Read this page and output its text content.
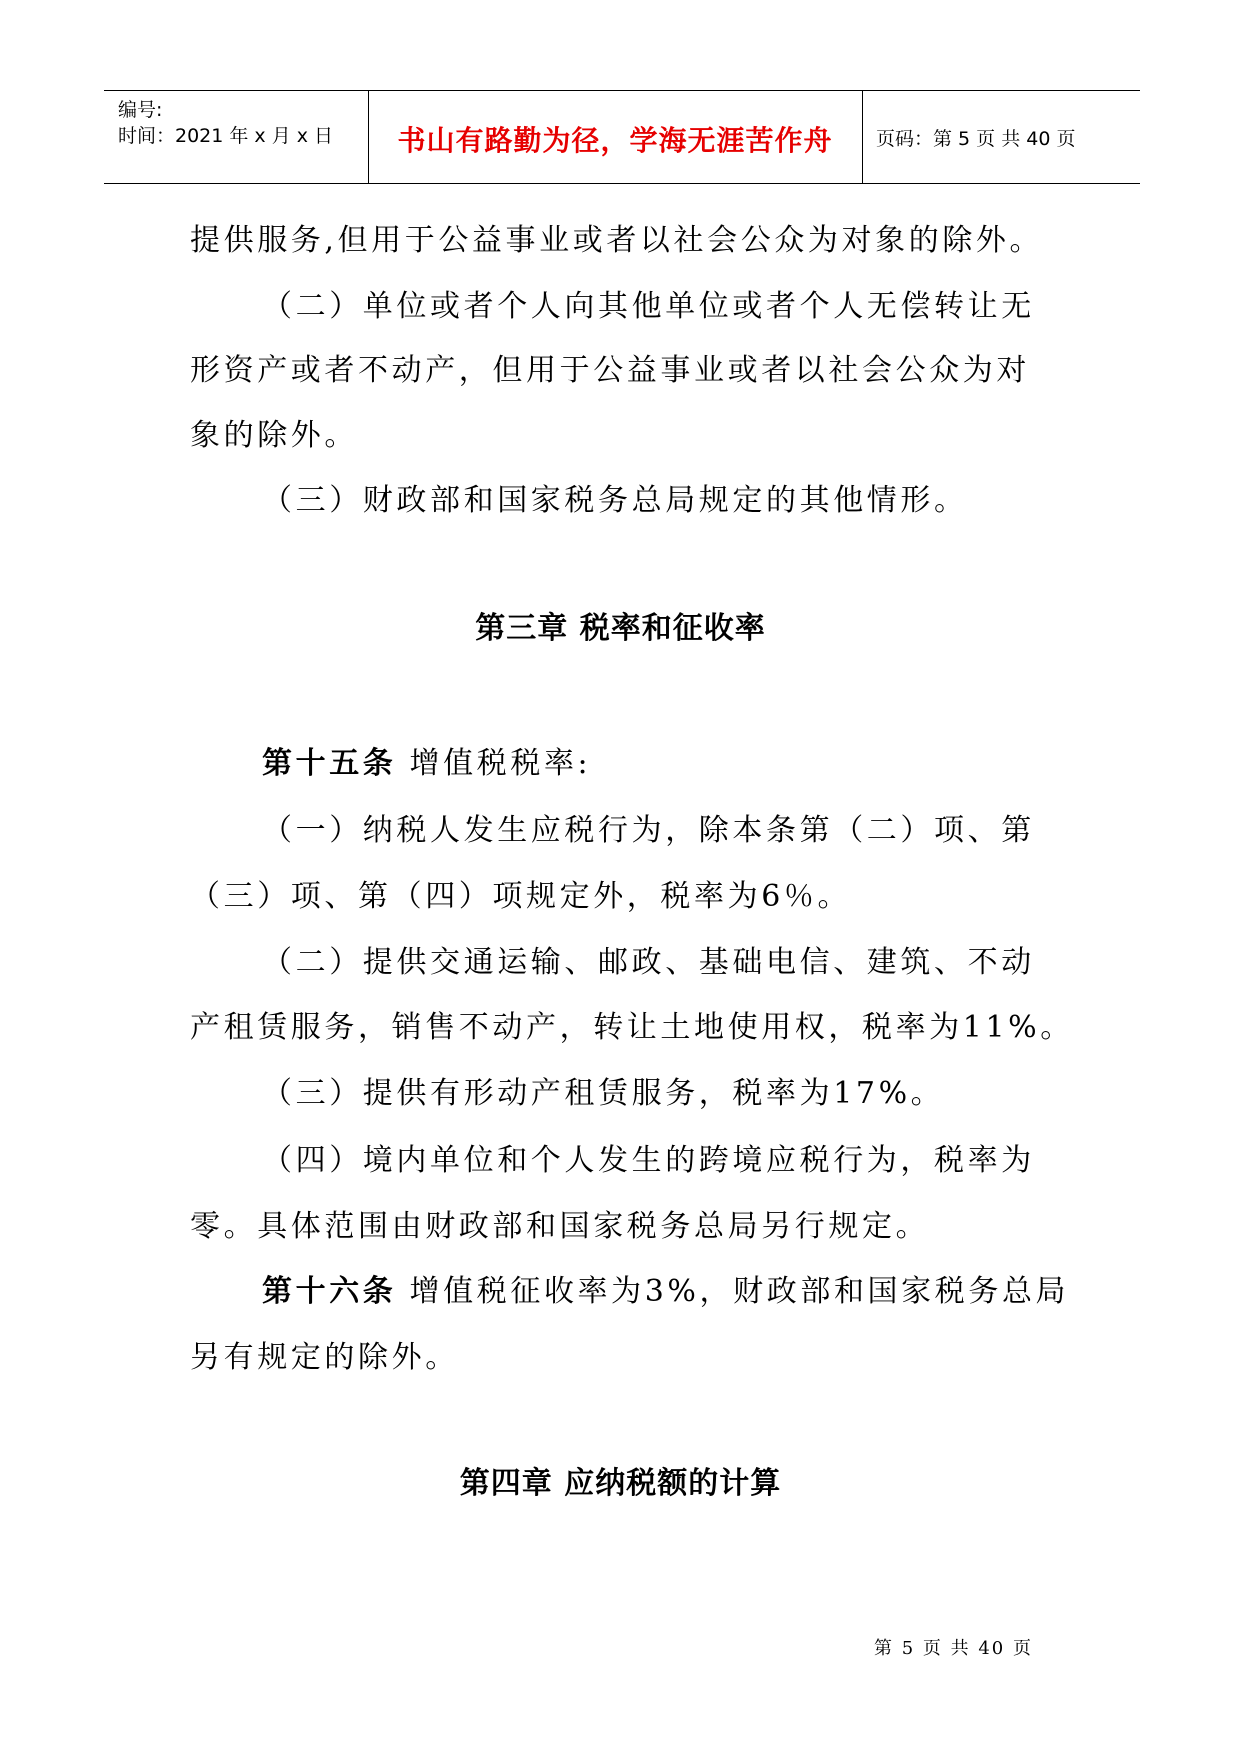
编号:
时间：2021 年 x 月 x 日	书山有路勤为径，学海无涯苦作舟	页码：第 5 页 共 40 页
提供服务,但用于公益事业或者以社会公众为对象的除外。
（二）单位或者个人向其他单位或者个人无偿转让无
形资产或者不动产，但用于公益事业或者以社会公众为对
象的除外。
（三）财政部和国家税务总局规定的其他情形。
第三章 税率和征收率
第十五条 增值税税率:
（一）纳税人发生应税行为，除本条第（二）项、第
（三）项、第（四）项规定外，税率为6％。
（二）提供交通运输、邮政、基础电信、建筑、不动
产租赁服务，销售不动产，转让土地使用权，税率为11%。
（三）提供有形动产租赁服务，税率为17%。
（四）境内单位和个人发生的跨境应税行为，税率为
零。具体范围由财政部和国家税务总局另行规定。
第十六条 增值税征收率为3%，财政部和国家税务总局
另有规定的除外。
第四章 应纳税额的计算
第 5 页 共 40 页
